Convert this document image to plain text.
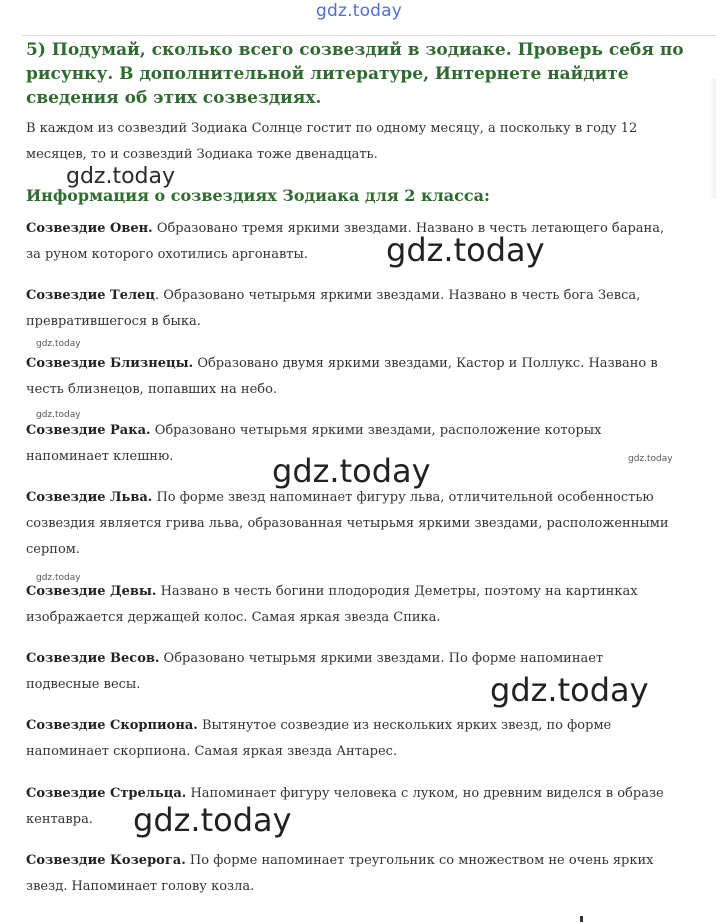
gdz.today
gdz.today
gdz.today
gdz.today
gdz.today
gdz.today
gdz.today
gdz.today
gdz.today
gdz.today
5) Подумай, сколько всего созвездий в зодиаке. Проверь себя по рисунку. В дополнительной литературе, Интернете найдите сведения об этих созвездиях.

В каждом из созвездий Зодиака Солнце гостит по одному месяцу, а поскольку в году 12 месяцев, то и созвездий Зодиака тоже двенадцать.

Информация о созвездиях Зодиака для 2 класса:

Созвездие Овен. Образовано тремя яркими звездами. Названо в честь летающего барана, за руном которого охотились аргонавты.

Созвездие Телец. Образовано четырьмя яркими звездами. Названо в честь бога Зевса, превратившегося в быка.

Созвездие Близнецы. Образовано двумя яркими звездами, Кастор и Поллукс. Названо в честь близнецов, попавших на небо.

Созвездие Рака. Образовано четырьмя яркими звездами, расположение которых напоминает клешню.

Созвездие Льва. По форме звезд напоминает фигуру льва, отличительной особенностью созвездия является грива льва, образованная четырьмя яркими звездами, расположенными серпом.

Созвездие Девы. Названо в честь богини плодородия Деметры, поэтому на картинках изображается держащей колос. Самая яркая звезда Спика.

Созвездие Весов. Образовано четырьмя яркими звездами. По форме напоминает подвесные весы.

Созвездие Скорпиона. Вытянутое созвездие из нескольких ярких звезд, по форме напоминает скорпиона. Самая яркая звезда Антарес.

Созвездие Стрельца. Напоминает фигуру человека с луком, но древним виделся в образе кентавра.

Созвездие Козерога. По форме напоминает треугольник со множеством не очень ярких звезд. Напоминает голову козла.
